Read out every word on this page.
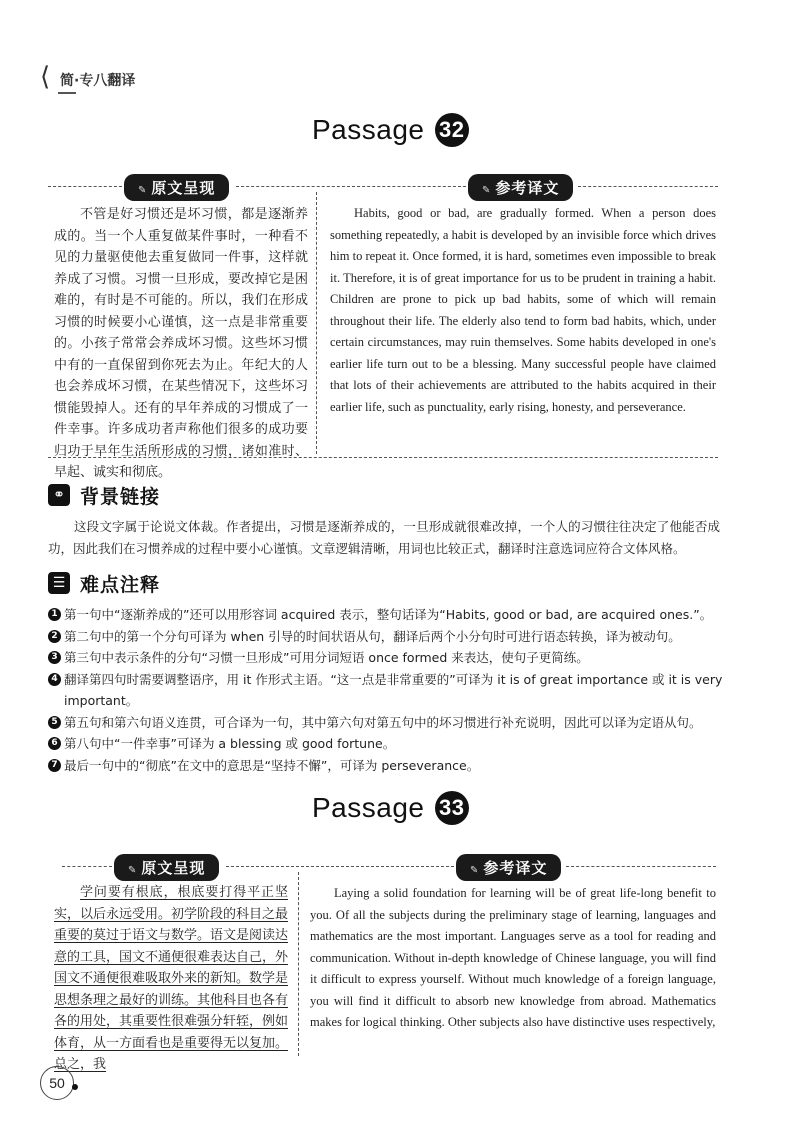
⟨ 简·专八翻译
Passage 32
✎ 原文呈现	✎ 参考译文

不管是好习惯还是坏习惯，都是逐渐养成的。当一个人重复做某件事时，一种看不见的力量驱使他去重复做同一件事，这样就养成了习惯。习惯一旦形成，要改掉它是困难的，有时是不可能的。所以，我们在形成习惯的时候要小心谨慎，这一点是非常重要的。小孩子常常会养成坏习惯。这些坏习惯中有的一直保留到你死去为止。年纪大的人也会养成坏习惯，在某些情况下，这些坏习惯能毁掉人。还有的早年养成的习惯成了一件幸事。许多成功者声称他们很多的成功要归功于早年生活所形成的习惯，诸如准时、早起、诚实和彻底。

Habits, good or bad, are gradually formed. When a person does something repeatedly, a habit is developed by an invisible force which drives him to repeat it. Once formed, it is hard, sometimes even impossible to break it. Therefore, it is of great importance for us to be prudent in training a habit. Children are prone to pick up bad habits, some of which will remain throughout their life. The elderly also tend to form bad habits, which, under certain circumstances, may ruin themselves. Some habits developed in one's earlier life turn out to be a blessing. Many successful people have claimed that lots of their achievements are attributed to the habits acquired in their earlier life, such as punctuality, early rising, honesty, and perseverance.

⚭ 背景链接

这段文字属于论说文体裁。作者提出，习惯是逐渐养成的，一旦形成就很难改掉，一个人的习惯往往决定了他能否成功，因此我们在习惯养成的过程中要小心谨慎。文章逻辑清晰，用词也比较正式，翻译时注意选词应符合文体风格。

☰ 难点注释
1 第一句中“逐渐养成的”还可以用形容词 acquired 表示，整句话译为“Habits, good or bad, are acquired ones.”。
2 第二句中的第一个分句可译为 when 引导的时间状语从句，翻译后两个小分句时可进行语态转换，译为被动句。
3 第三句中表示条件的分句“习惯一旦形成”可用分词短语 once formed 来表达，使句子更简练。
4 翻译第四句时需要调整语序，用 it 作形式主语。“这一点是非常重要的”可译为 it is of great importance 或 it is very important。
5 第五句和第六句语义连贯，可合译为一句，其中第六句对第五句中的坏习惯进行补充说明，因此可以译为定语从句。
6 第八句中“一件幸事”可译为 a blessing 或 good fortune。
7 最后一句中的“彻底”在文中的意思是“坚持不懈”，可译为 perseverance。
Passage 33
✎ 原文呈现	✎ 参考译文

学问要有根底，根底要打得平正坚实，以后永远受用。初学阶段的科目之最重要的莫过于语文与数学。语文是阅读达意的工具，国文不通便很难表达自己，外国文不通便很难吸取外来的新知。数学是思想条理之最好的训练。其他科目也各有各的用处，其重要性很难强分轩轾，例如体育，从一方面看也是重要得无以复加。总之，我

Laying a solid foundation for learning will be of great life-long benefit to you. Of all the subjects during the preliminary stage of learning, languages and mathematics are the most important. Languages serve as a tool for reading and communication. Without in-depth knowledge of Chinese language, you will find it difficult to express yourself. Without much knowledge of a foreign language, you will find it difficult to absorb new knowledge from abroad. Mathematics makes for logical thinking. Other subjects also have distinctive uses respectively,

50
